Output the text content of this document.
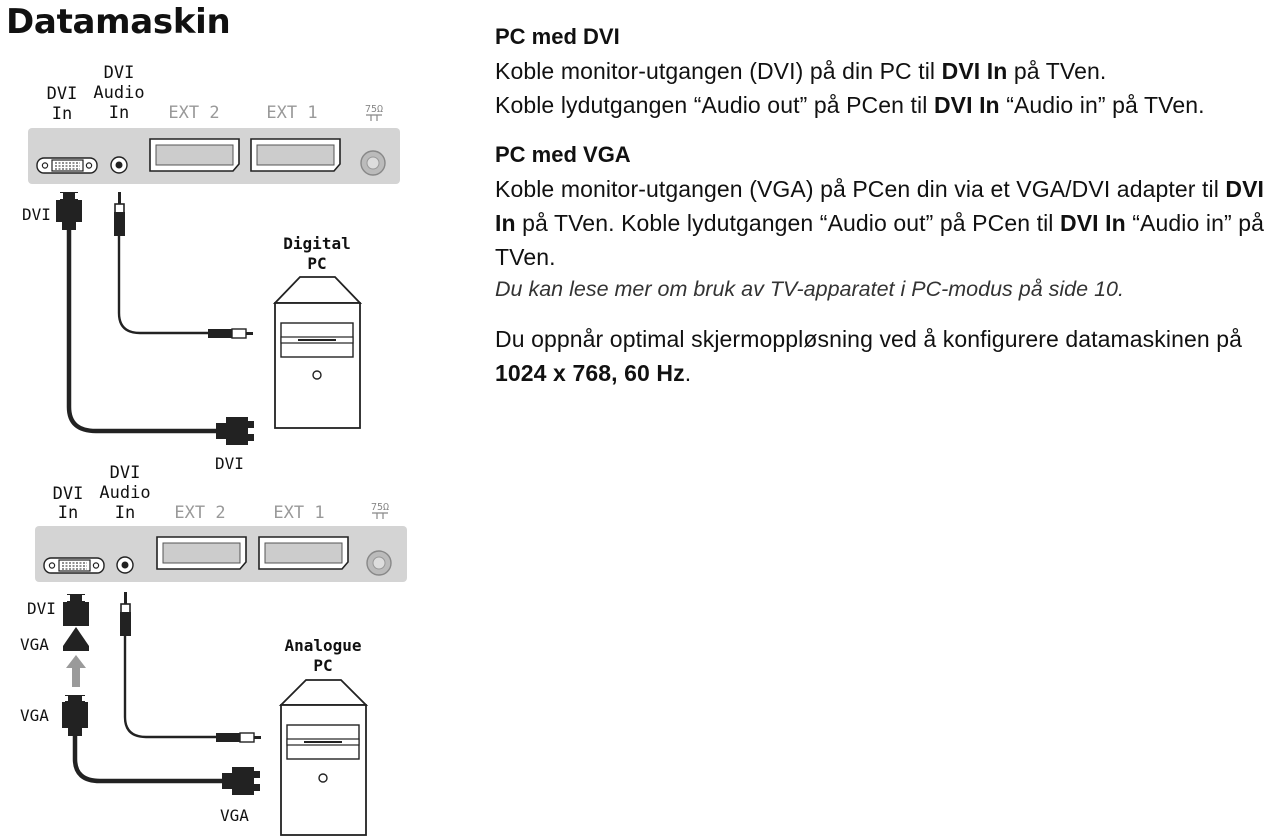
Datamaskin
DVI
In
DVI
Audio
In EXT 2	EXT 1	75Ω
DVI
DVI
Digital
PC
DVI
In
DVI
Audio
In EXT 2	EXT 1	75Ω
DVI
VGA
VGA
VGA
Analogue
PC
PC med DVI

Koble monitor-utgangen (DVI) på din PC til DVI In på TVen.

Koble lydutgangen “Audio out” på PCen til DVI In “Audio in” på TVen.

PC med VGA

Koble monitor-utgangen (VGA) på PCen din via et VGA/DVI adapter til DVI In på TVen. Koble lydutgangen “Audio out” på PCen til DVI In “Audio in” på TVen.

Du kan lese mer om bruk av TV-apparatet i PC-modus på side 10.

Du oppnår optimal skjermoppløsning ved å konfigurere datamaskinen på 1024 x 768, 60 Hz.
